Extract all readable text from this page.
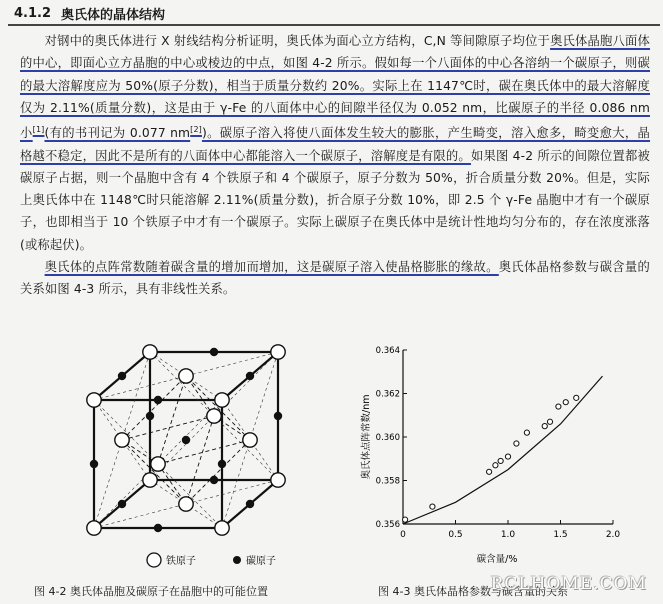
4.1.2 奥氏体的晶体结构

对钢中的奥氏体进行 X 射线结构分析证明，奥氏体为面心立方结构，C,N 等间隙原子均位于奥氏体晶胞八面体的中心，即面心立方晶胞的中心或棱边的中点，如图 4-2 所示。假如每一个八面体的中心各溶纳一个碳原子，则碳的最大溶解度应为 50%(原子分数)，相当于质量分数约 20%。实际上在 1147℃时，碳在奥氏体中的最大溶解度仅为 2.11%(质量分数)，这是由于 γ-Fe 的八面体中心的间隙半径仅为 0.052 nm，比碳原子的半径 0.086 nm 小[1](有的书刊记为 0.077 nm[2])。碳原子溶入将使八面体发生较大的膨胀，产生畸变，溶入愈多，畸变愈大，晶格越不稳定，因此不是所有的八面体中心都能溶入一个碳原子，溶解度是有限的。如果图 4-2 所示的间隙位置都被碳原子占据，则一个晶胞中含有 4 个铁原子和 4 个碳原子，原子分数为 50%，折合质量分数 20%。但是，实际上奥氏体中在 1148℃时只能溶解 2.11%(质量分数)，折合原子分数 10%，即 2.5 个 γ-Fe 晶胞中才有一个碳原子，也即相当于 10 个铁原子中才有一个碳原子。实际上碳原子在奥氏体中是统计性地均匀分布的，存在浓度涨落(或称起伏)。

奥氏体的点阵常数随着碳含量的增加而增加，这是碳原子溶入使晶格膨胀的缘故。奥氏体晶格参数与碳含量的关系如图 4-3 所示，具有非线性关系。

铁原子	碳原子
图 4-2 奥氏体晶胞及碳原子在晶胞中的可能位置
0	0.5	1.0	1.5	2.0
0.356
0.358
0.360
0.362
0.364
奥氏体点阵常数/nm
碳含量/%
图 4-3 奥氏体晶格参数与碳含量的关系
RCLHOME.COM
